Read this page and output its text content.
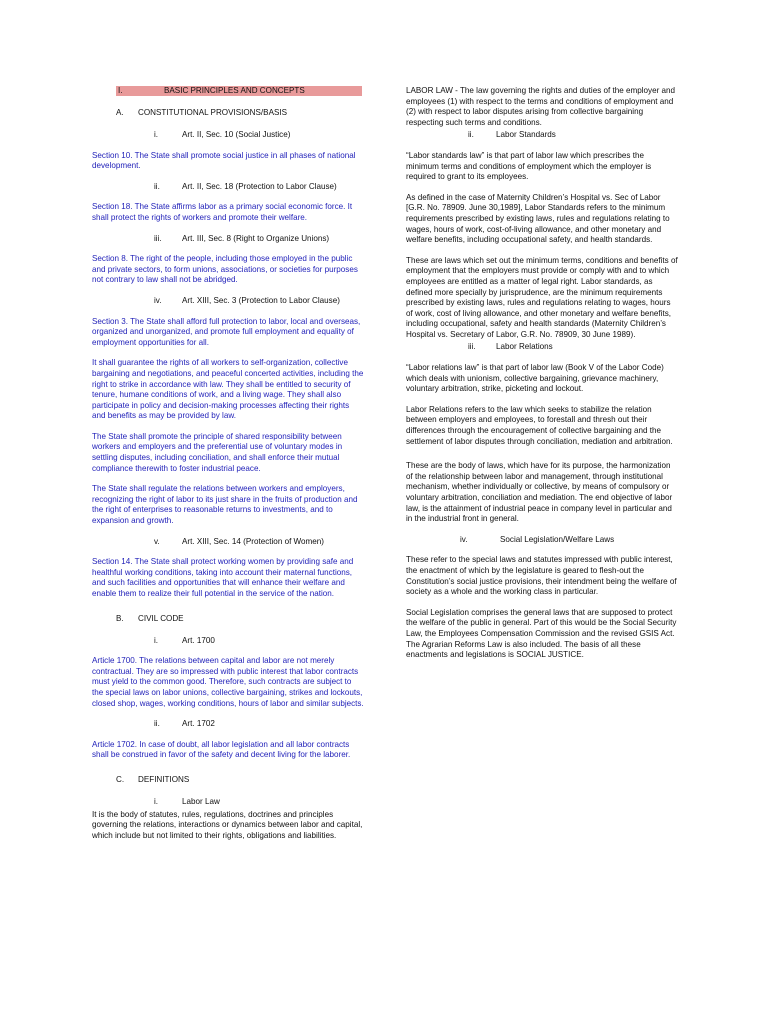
I.	BASIC PRINCIPLES AND CONCEPTS
A.	CONSTITUTIONAL PROVISIONS/BASIS
i.	Art. II, Sec. 10 (Social Justice)

Section 10. The State shall promote social justice in all phases of national development.

ii.	Art. II, Sec. 18 (Protection to Labor Clause)

Section 18. The State affirms labor as a primary social economic force. It shall protect the rights of workers and promote their welfare.

iii.	Art. III, Sec. 8 (Right to Organize Unions)

Section 8. The right of the people, including those employed in the public and private sectors, to form unions, associations, or societies for purposes not contrary to law shall not be abridged.

iv.	Art. XIII, Sec. 3 (Protection to Labor Clause)

Section 3. The State shall afford full protection to labor, local and overseas, organized and unorganized, and promote full employment and equality of employment opportunities for all.

It shall guarantee the rights of all workers to self-organization, collective bargaining and negotiations, and peaceful concerted activities, including the right to strike in accordance with law. They shall be entitled to security of tenure, humane conditions of work, and a living wage. They shall also participate in policy and decision-making processes affecting their rights and benefits as may be provided by law.

The State shall promote the principle of shared responsibility between workers and employers and the preferential use of voluntary modes in settling disputes, including conciliation, and shall enforce their mutual compliance therewith to foster industrial peace.

The State shall regulate the relations between workers and employers, recognizing the right of labor to its just share in the fruits of production and the right of enterprises to reasonable returns to investments, and to expansion and growth.

v.	Art. XIII, Sec. 14 (Protection of Women)

Section 14. The State shall protect working women by providing safe and healthful working conditions, taking into account their maternal functions, and such facilities and opportunities that will enhance their welfare and enable them to realize their full potential in the service of the nation.

B.	CIVIL CODE
i.	Art. 1700

Article 1700. The relations between capital and labor are not merely contractual. They are so impressed with public interest that labor contracts must yield to the common good. Therefore, such contracts are subject to the special laws on labor unions, collective bargaining, strikes and lockouts, closed shop, wages, working conditions, hours of labor and similar subjects.

ii.	Art. 1702

Article 1702. In case of doubt, all labor legislation and all labor contracts shall be construed in favor of the safety and decent living for the laborer.

C.	DEFINITIONS
i.	Labor Law

It is the body of statutes, rules, regulations, doctrines and principles governing the relations, interactions or dynamics between labor and capital, which include but not limited to their rights, obligations and liabilities.

LABOR LAW - The law governing the rights and duties of the employer and employees (1) with respect to the terms and conditions of employment and (2) with respect to labor disputes arising from collective bargaining respecting such terms and conditions.

ii.	Labor Standards

“Labor standards law” is that part of labor law which prescribes the minimum terms and conditions of employment which the employer is required to grant to its employees.

As defined in the case of Maternity Children’s Hospital vs. Sec of Labor [G.R. No. 78909. June 30,1989], Labor Standards refers to the minimum requirements prescribed by existing laws, rules and regulations relating to wages, hours of work, cost-of-living allowance, and other monetary and welfare benefits, including occupational safety, and health standards.

These are laws which set out the minimum terms, conditions and benefits of employment that the employers must provide or comply with and to which employees are entitled as a matter of legal right. Labor standards, as defined more specially by jurisprudence, are the minimum requirements prescribed by existing laws, rules and regulations relating to wages, hours of work, cost of living allowance, and other monetary and welfare benefits, including occupational, safety and health standards (Maternity Children’s Hospital vs. Secretary of Labor, G.R. No. 78909, 30 June 1989).

iii.	Labor Relations

“Labor relations law” is that part of labor law (Book V of the Labor Code) which deals with unionism, collective bargaining, grievance machinery, voluntary arbitration, strike, picketing and lockout.

Labor Relations refers to the law which seeks to stabilize the relation between employers and employees, to forestall and thresh out their differences through the encouragement of collective bargaining and the settlement of labor disputes through conciliation, mediation and arbitration.

These are the body of laws, which have for its purpose, the harmonization of the relationship between labor and management, through institutional mechanism, whether individually or collective, by means of compulsory or voluntary arbitration, conciliation and mediation. The end objective of labor law, is the attainment of industrial peace in company level in particular and in the industrial front in general.

iv.	Social Legislation/Welfare Laws

These refer to the special laws and statutes impressed with public interest, the enactment of which by the legislature is geared to flesh-out the Constitution’s social justice provisions, their intendment being the welfare of society as a whole and the working class in particular.

Social Legislation comprises the general laws that are supposed to protect the welfare of the public in general. Part of this would be the Social Security Law, the Employees Compensation Commission and the revised GSIS Act. The Agrarian Reforms Law is also included. The basis of all these enactments and legislations is SOCIAL JUSTICE.
